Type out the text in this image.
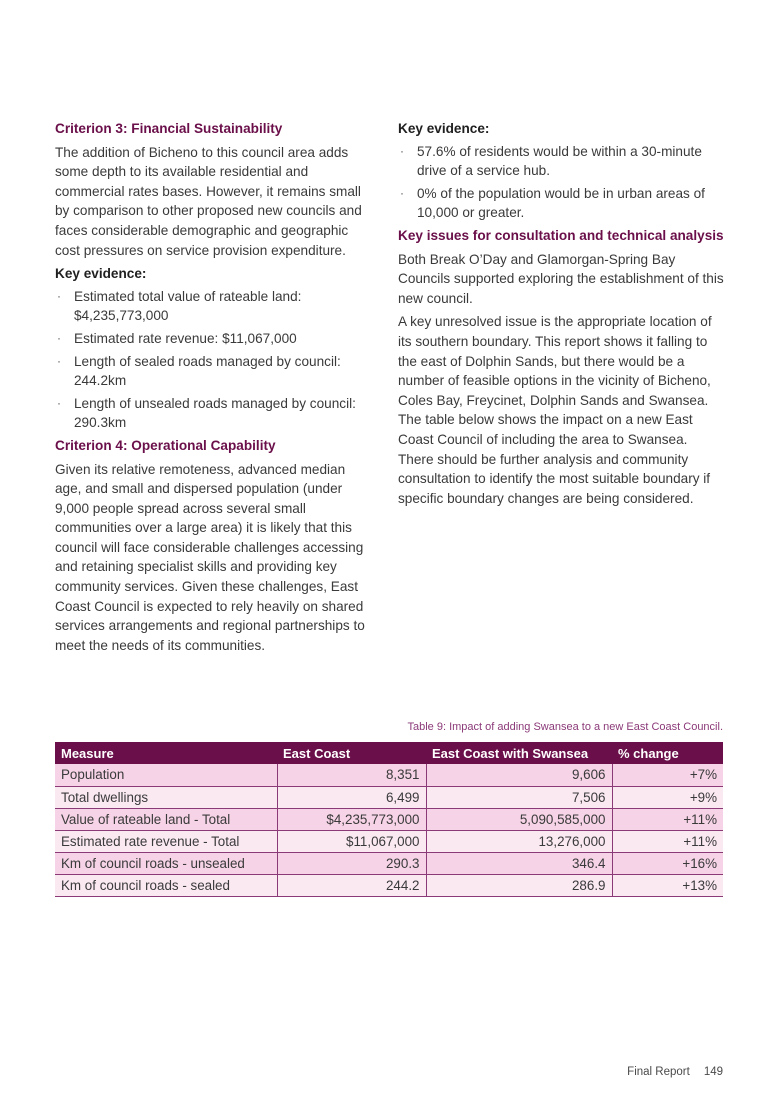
Criterion 3: Financial Sustainability

The addition of Bicheno to this council area adds some depth to its available residential and commercial rates bases. However, it remains small by comparison to other proposed new councils and faces considerable demographic and geographic cost pressures on service provision expenditure.

Key evidence:
· Estimated total value of rateable land: $4,235,773,000
· Estimated rate revenue: $11,067,000
· Length of sealed roads managed by council: 244.2km
· Length of unsealed roads managed by council: 290.3km
Criterion 4: Operational Capability

Given its relative remoteness, advanced median age, and small and dispersed population (under 9,000 people spread across several small communities over a large area) it is likely that this council will face considerable challenges accessing and retaining specialist skills and providing key community services. Given these challenges, East Coast Council is expected to rely heavily on shared services arrangements and regional partnerships to meet the needs of its communities.

Key evidence:
· 57.6% of residents would be within a 30-minute drive of a service hub.
· 0% of the population would be in urban areas of 10,000 or greater.
Key issues for consultation and technical analysis

Both Break O’Day and Glamorgan-Spring Bay Councils supported exploring the establishment of this new council.

A key unresolved issue is the appropriate location of its southern boundary. This report shows it falling to the east of Dolphin Sands, but there would be a number of feasible options in the vicinity of Bicheno, Coles Bay, Freycinet, Dolphin Sands and Swansea. The table below shows the impact on a new East Coast Council of including the area to Swansea. There should be further analysis and community consultation to identify the most suitable boundary if specific boundary changes are being considered.

Table 9: Impact of adding Swansea to a new East Coast Council.
Measure	East Coast	East Coast with Swansea	% change
Population	8,351	9,606	+7%
Total dwellings	6,499	7,506	+9%
Value of rateable land - Total	$4,235,773,000	5,090,585,000	+11%
Estimated rate revenue - Total	$11,067,000	13,276,000	+11%
Km of council roads - unsealed	290.3	346.4	+16%
Km of council roads - sealed	244.2	286.9	+13%
Final Report 149
